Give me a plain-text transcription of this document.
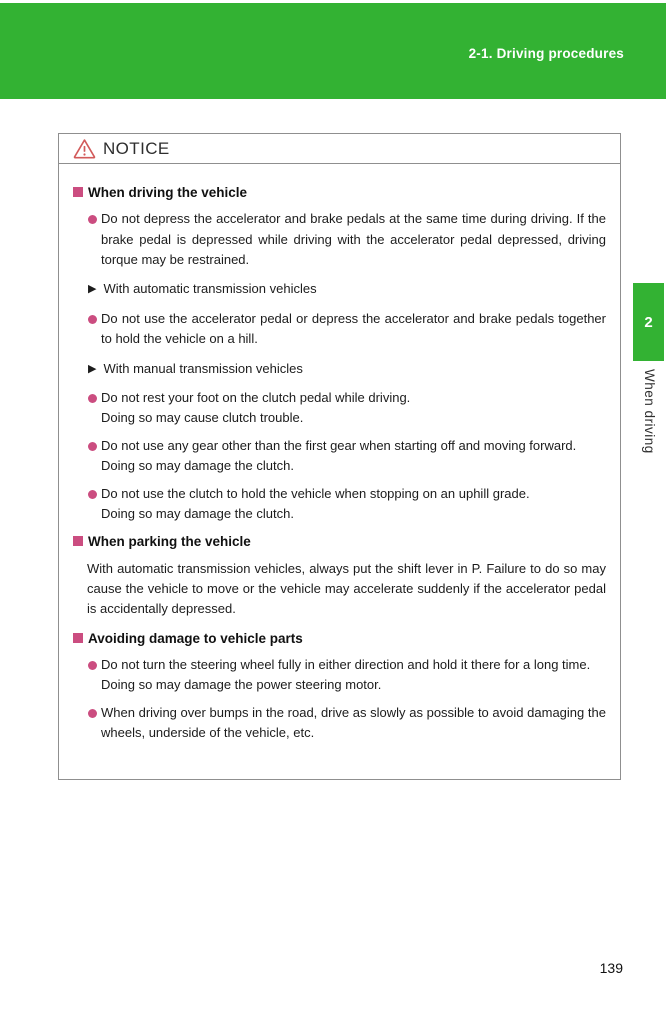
2-1. Driving procedures
NOTICE
When driving the vehicle
Do not depress the accelerator and brake pedals at the same time during driving. If the brake pedal is depressed while driving with the accelerator pedal depressed, driving torque may be restrained.
▶ With automatic transmission vehicles
Do not use the accelerator pedal or depress the accelerator and brake pedals together to hold the vehicle on a hill.
▶ With manual transmission vehicles
Do not rest your foot on the clutch pedal while driving.
Doing so may cause clutch trouble.
Do not use any gear other than the first gear when starting off and moving forward.
Doing so may damage the clutch.
Do not use the clutch to hold the vehicle when stopping on an uphill grade.
Doing so may damage the clutch.
When parking the vehicle
With automatic transmission vehicles, always put the shift lever in P. Failure to do so may cause the vehicle to move or the vehicle may accelerate suddenly if the accelerator pedal is accidentally depressed.
Avoiding damage to vehicle parts
Do not turn the steering wheel fully in either direction and hold it there for a long time.
Doing so may damage the power steering motor.
When driving over bumps in the road, drive as slowly as possible to avoid damaging the wheels, underside of the vehicle, etc.
2
When driving
139
